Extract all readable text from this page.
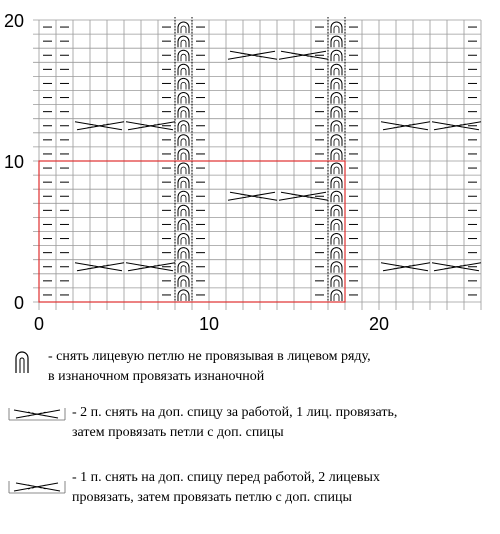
0	10	20
0
10
20

- снять лицевую петлю не провязывая в лицевом ряду, в изнаночном провязать изнаночной

- 2 п. снять на доп. спицу за работой, 1 лиц. провязать, затем провязать петли с доп. спицы

- 1 п. снять на доп. спицу перед работой, 2 лицевых провязать, затем провязать петлю с доп. спицы
